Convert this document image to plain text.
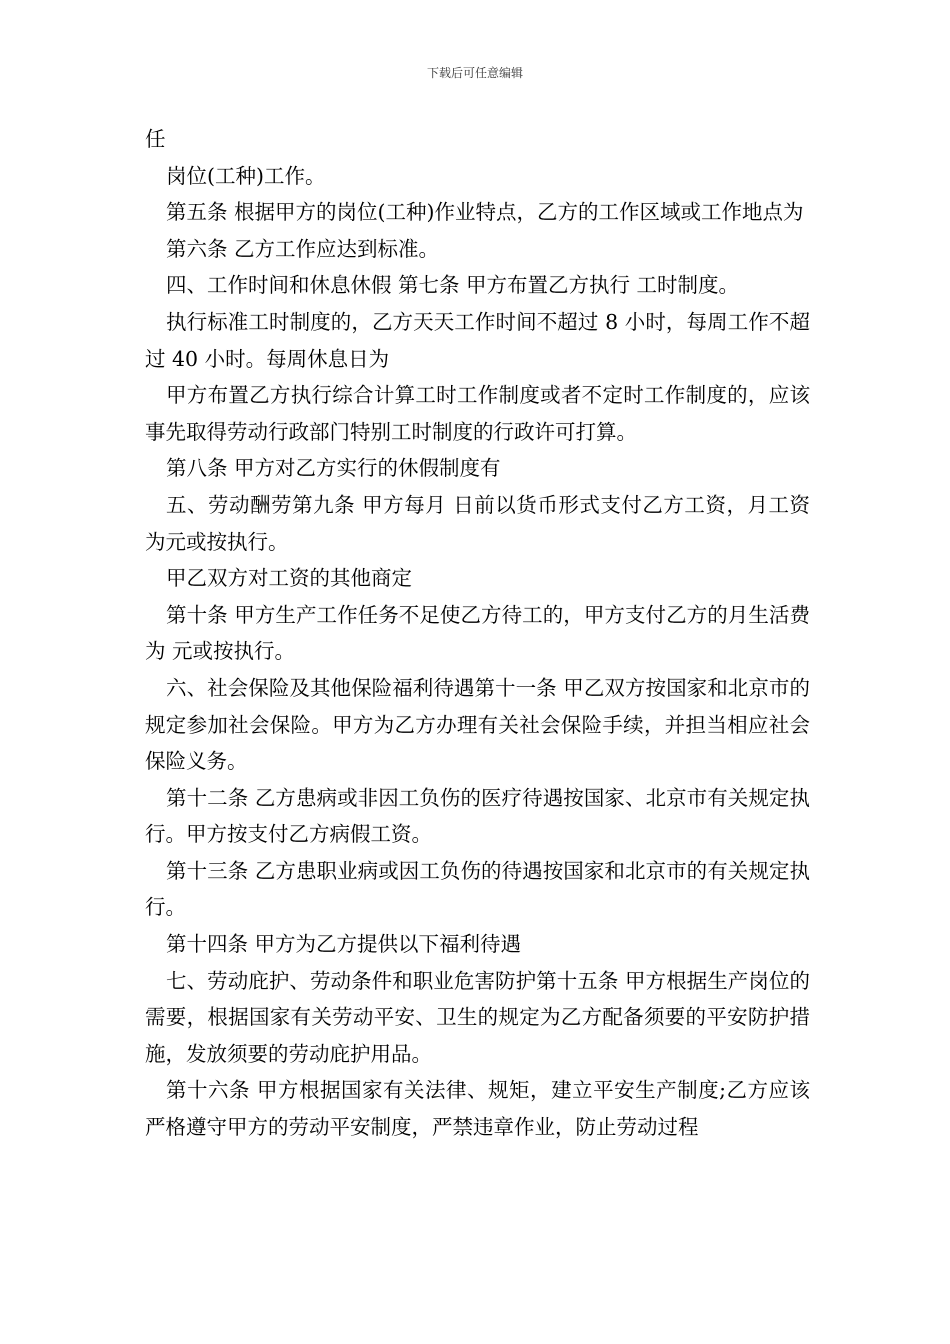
下载后可任意编辑

任

岗位(工种)工作。

第五条 根据甲方的岗位(工种)作业特点，乙方的工作区域或工作地点为

第六条 乙方工作应达到标准。

四、工作时间和休息休假 第七条 甲方布置乙方执行 工时制度。

执行标准工时制度的，乙方天天工作时间不超过 8 小时，每周工作不超过 40 小时。每周休息日为

甲方布置乙方执行综合计算工时工作制度或者不定时工作制度的，应该事先取得劳动行政部门特别工时制度的行政许可打算。

第八条 甲方对乙方实行的休假制度有

五、劳动酬劳第九条 甲方每月 日前以货币形式支付乙方工资，月工资为元或按执行。

甲乙双方对工资的其他商定

第十条 甲方生产工作任务不足使乙方待工的，甲方支付乙方的月生活费为 元或按执行。

六、社会保险及其他保险福利待遇第十一条 甲乙双方按国家和北京市的规定参加社会保险。甲方为乙方办理有关社会保险手续，并担当相应社会保险义务。

第十二条 乙方患病或非因工负伤的医疗待遇按国家、北京市有关规定执行。甲方按支付乙方病假工资。

第十三条 乙方患职业病或因工负伤的待遇按国家和北京市的有关规定执行。

第十四条 甲方为乙方提供以下福利待遇

七、劳动庇护、劳动条件和职业危害防护第十五条 甲方根据生产岗位的需要，根据国家有关劳动平安、卫生的规定为乙方配备须要的平安防护措施，发放须要的劳动庇护用品。

第十六条 甲方根据国家有关法律、规矩，建立平安生产制度;乙方应该严格遵守甲方的劳动平安制度，严禁违章作业，防止劳动过程
